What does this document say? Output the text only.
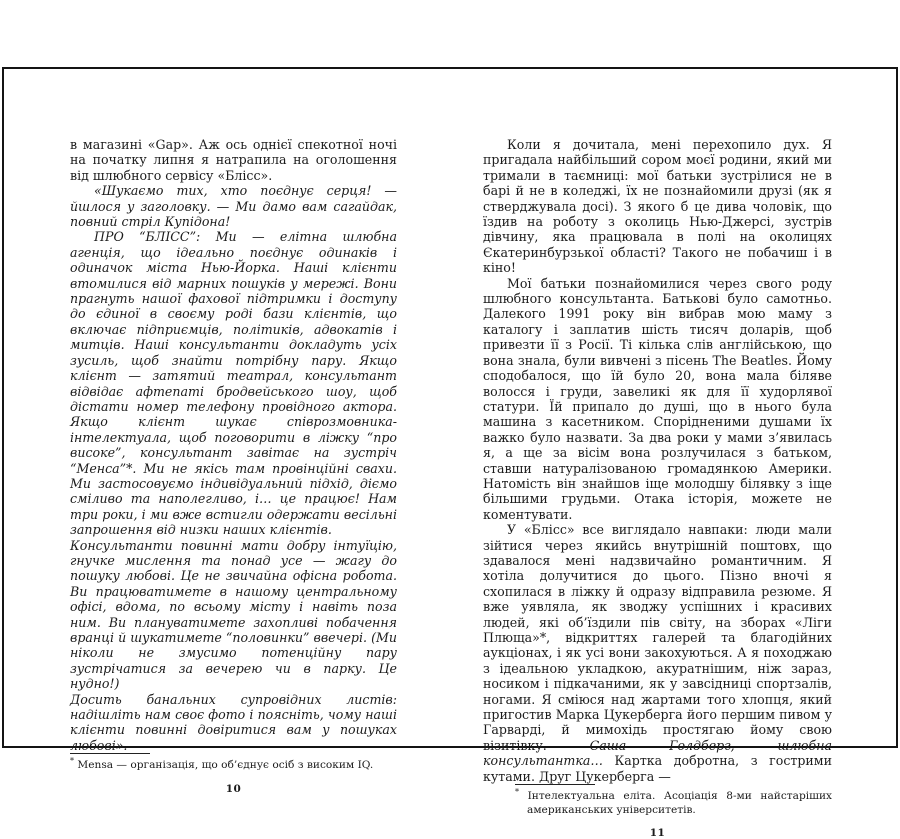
в магазині «Gap». Аж ось однієї спекотної ночі на початку липня я натрапила на оголошення від шлюбного сервісу «Блісс».

«Шукаємо тих, хто поєднує серця! — йшлося у заголовку. — Ми дамо вам сагайдак, повний стріл Купідона!

ПРО “БЛІСС”: Ми — елітна шлюбна агенція, що ідеально поєднує одинаків і одиначок міста Нью-Йорка. Наші клієнти втомилися від марних пошуків у мережі. Вони прагнуть нашої фахової підтримки і доступу до єдиної в своєму роді бази клієнтів, що включає підприємців, політиків, адвокатів і митців. Наші консультанти докладуть усіх зусиль, щоб знайти потрібну пару. Якщо клієнт — затятий театрал, консультант відвідає афтепаті бродвейського шоу, щоб дістати номер телефону провідного актора. Якщо клієнт шукає співрозмовника-інтелектуала, щоб поговорити в ліжку “про високе”, консультант завітає на зустріч “Менса”*. Ми не якісь там провінційні свахи. Ми застосовуємо індивідуальний підхід, діємо сміливо та наполегливо, і… це працює! Нам три роки, і ми вже встигли одержати весільні запрошення від низки наших клієнтів.

Консультанти повинні мати добру інтуїцію, гнучке мислення та понад усе — жагу до пошуку любові. Це не звичайна офісна робота. Ви працюватимете в нашому центральному офісі, вдома, по всьому місту і навіть поза ним. Ви плануватимете захопливі побачення вранці й шукатимете “половинки” ввечері. (Ми ніколи не змусимо потенційну пару зустрічатися за вечерею чи в парку. Це нудно!)

Досить банальних супровідних листів: надішліть нам своє фото і поясніть, чому наші клієнти повинні довіритися вам у пошуках любові».

* Mensa — організація, що об’єднує осіб з високим IQ.

10

Коли я дочитала, мені перехопило дух. Я пригадала найбільший сором моєї родини, який ми тримали в таємниці: мої батьки зустрілися не в барі й не в коледжі, їх не познайомили друзі (як я стверджувала досі). З якого б це дива чоловік, що їздив на роботу з околиць Нью-Джерсі, зустрів дівчину, яка працювала в полі на околицях Єкатеринбурзької області? Такого не побачиш і в кіно!

Мої батьки познайомилися через свого роду шлюбного консультанта. Батькові було самотньо. Далекого 1991 року він вибрав мою маму з каталогу і заплатив шість тисяч доларів, щоб привезти її з Росії. Ті кілька слів англійською, що вона знала, були вивчені з пісень The Beatles. Йому сподобалося, що їй було 20, вона мала біляве волосся і груди, завеликі як для її худорлявої статури. Їй припало до душі, що в нього була машина з касетником. Спорідненими душами їх важко було назвати. За два роки у мами з’явилась я, а ще за вісім вона розлучилася з батьком, ставши натуралізованою громадянкою Америки. Натомість він знайшов іще молодшу білявку з іще більшими грудьми. Отака історія, можете не коментувати.

У «Блісс» все виглядало навпаки: люди мали зійтися через якийсь внутрішній поштовх, що здавалося мені надзвичайно романтичним. Я хотіла долучитися до цього. Пізно вночі я схопилася в ліжку й одразу відправила резюме. Я вже уявляла, як зводжу успішних і красивих людей, які об’їздили пів світу, на зборах «Ліги Плюща»*, відкриттях галерей та благодійних аукціонах, і як усі вони закохуються. А я походжаю з ідеальною укладкою, акуратнішим, ніж зараз, носиком і підкачаними, як у завсідниці спортзалів, ногами. Я сміюся над жартами того хлопця, який пригостив Марка Цукерберга його першим пивом у Гарварді, й мимохідь простягаю йому свою візитівку. Саша Голдберг, шлюбна консультантка… Картка добротна, з гострими кутами. Друг Цукерберга —

* Інтелектуальна еліта. Асоціація 8-ми найстаріших американських університетів.

11
